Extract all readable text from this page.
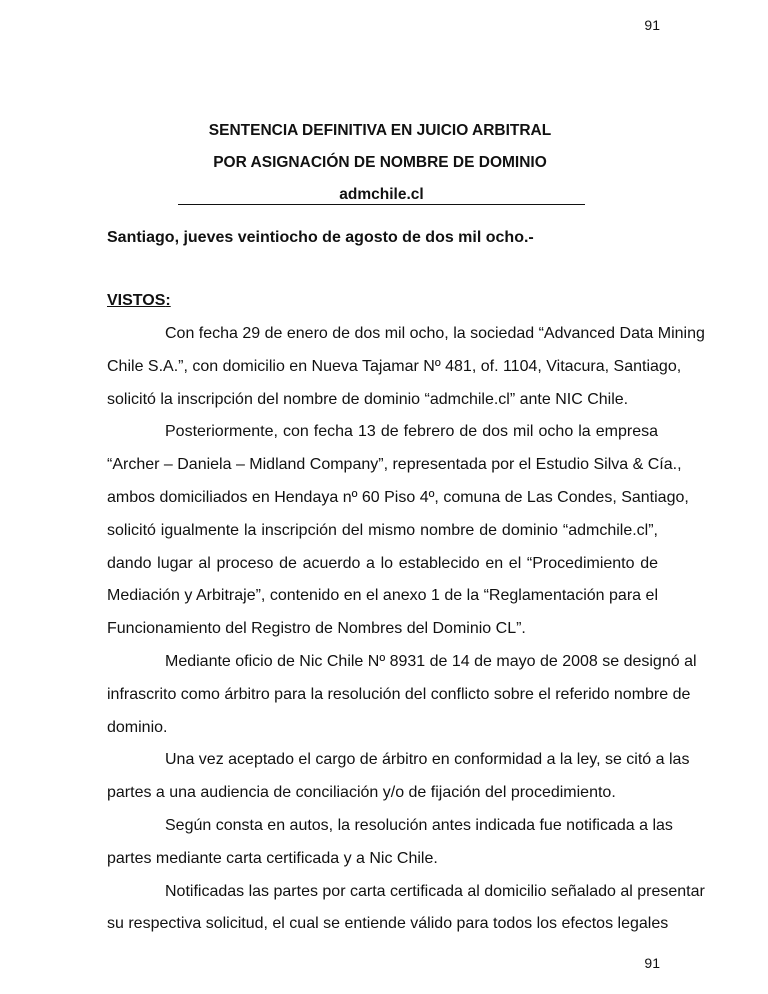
91
SENTENCIA DEFINITIVA EN JUICIO ARBITRAL
POR ASIGNACIÓN DE NOMBRE DE DOMINIO
admchile.cl
Santiago, jueves veintiocho de agosto de dos mil ocho.-
VISTOS:
Con fecha 29 de enero de dos mil ocho, la sociedad “Advanced Data Mining
Chile S.A.”, con domicilio en Nueva Tajamar Nº 481, of. 1104, Vitacura, Santiago,
solicitó la inscripción del nombre de dominio “admchile.cl” ante NIC Chile.
Posteriormente, con fecha 13 de febrero de dos mil ocho la empresa
“Archer – Daniela – Midland Company”, representada por el Estudio Silva & Cía.,
ambos domiciliados en Hendaya nº 60 Piso 4º, comuna de Las Condes, Santiago,
solicitó igualmente la inscripción del mismo nombre de dominio “admchile.cl”,
dando lugar al proceso de acuerdo a lo establecido en el “Procedimiento de
Mediación y Arbitraje”, contenido en el anexo 1 de la “Reglamentación para el
Funcionamiento del Registro de Nombres del Dominio CL”.
Mediante oficio de Nic Chile Nº 8931 de 14 de mayo de 2008 se designó al
infrascrito como árbitro para la resolución del conflicto sobre el referido nombre de
dominio.
Una vez aceptado el cargo de árbitro en conformidad a la ley, se citó a las
partes a una audiencia de conciliación y/o de fijación del procedimiento.
Según consta en autos, la resolución antes indicada fue notificada a las
partes mediante carta certificada y a Nic Chile.
Notificadas las partes por carta certificada al domicilio señalado al presentar
su respectiva solicitud, el cual se entiende válido para todos los efectos legales
91
